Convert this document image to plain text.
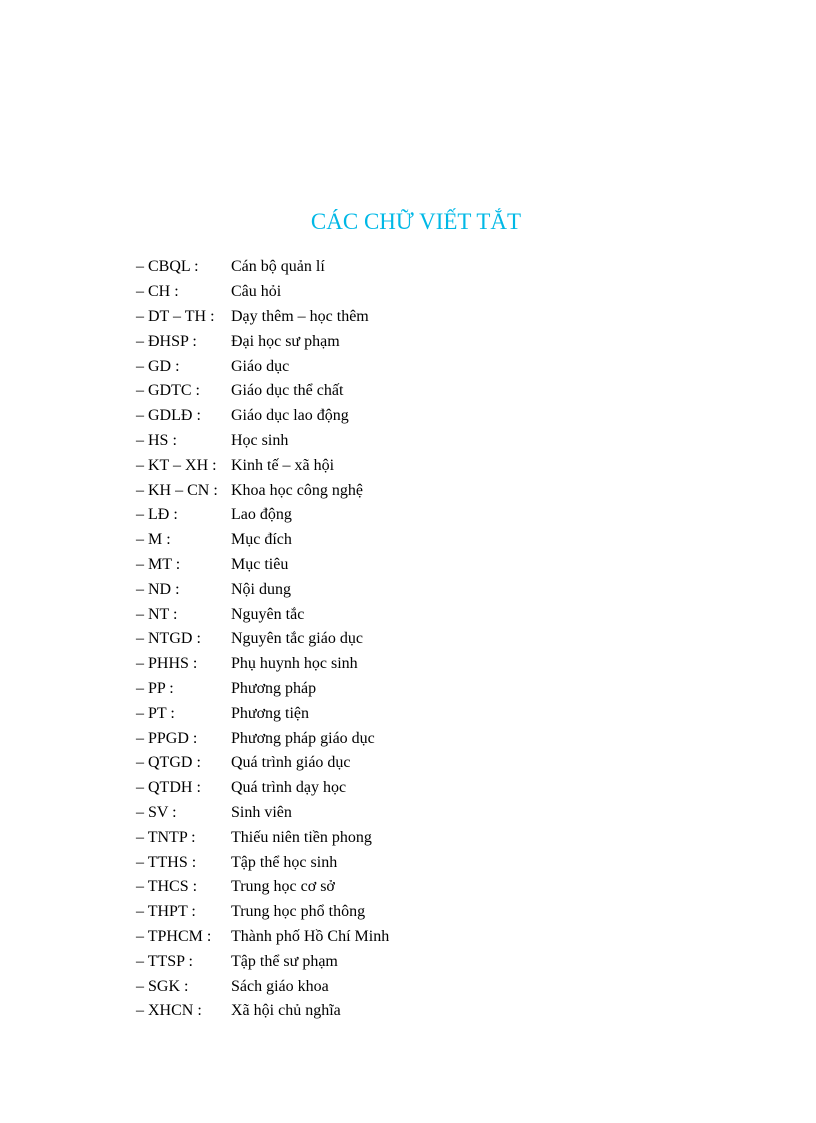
CÁC CHỮ VIẾT TẮT
– CBQL :	Cán bộ quản lí
– CH :	Câu hỏi
– DT – TH :	Dạy thêm – học thêm
– ĐHSP :	Đại học sư phạm
– GD :	Giáo dục
– GDTC :	Giáo dục thể chất
– GDLĐ :	Giáo dục lao động
– HS :	Học sinh
– KT – XH : Kinh tế – xã hội
– KH – CN : Khoa học công nghệ
– LĐ :	Lao động
– M :	Mục đích
– MT :	Mục tiêu
– ND :	Nội dung
– NT :	Nguyên tắc
– NTGD :	Nguyên tắc giáo dục
– PHHS :	Phụ huynh học sinh
– PP :	Phương pháp
– PT :	Phương tiện
– PPGD :	Phương pháp giáo dục
– QTGD :	Quá trình giáo dục
– QTDH :	Quá trình dạy học
– SV :	Sinh viên
– TNTP :	Thiếu niên tiền phong
– TTHS :	Tập thể học sinh
– THCS :	Trung học cơ sở
– THPT :	Trung học phổ thông
– TPHCM :	Thành phố Hồ Chí Minh
– TTSP :	Tập thể sư phạm
– SGK :	Sách giáo khoa
– XHCN :	Xã hội chủ nghĩa
